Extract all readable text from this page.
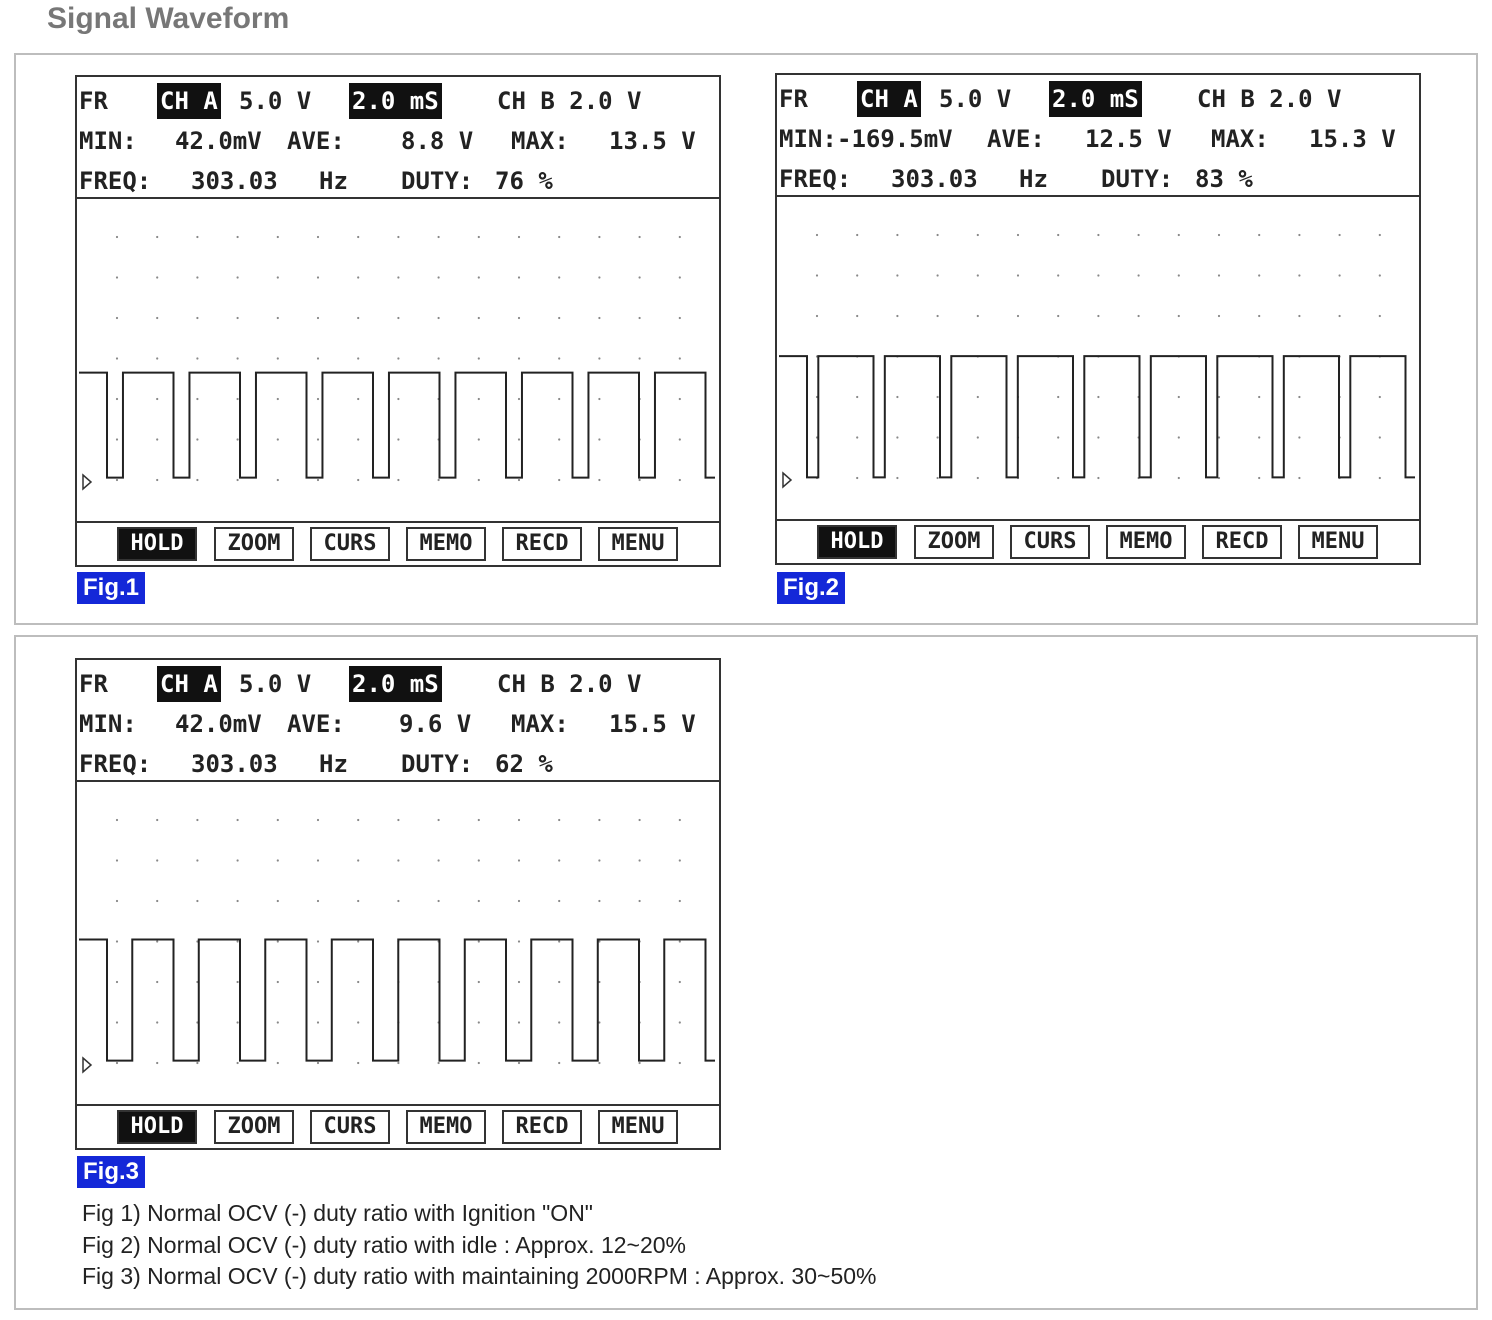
Signal Waveform

FR

CH A

5.0 V

2.0 mS

CH B 2.0 V

MIN:

42.0mV

AVE:

8.8 V

MAX:

13.5 V

FREQ:

303.03

Hz

DUTY:

76 %

HOLD	ZOOM	CURS	MEMO	RECD	MENU
Fig.1

FR

CH A

5.0 V

2.0 mS

CH B 2.0 V

MIN:

-169.5mV

AVE:

12.5 V

MAX:

15.3 V

FREQ:

303.03

Hz

DUTY:

83 %

HOLD	ZOOM	CURS	MEMO	RECD	MENU
Fig.2

FR

CH A

5.0 V

2.0 mS

CH B 2.0 V

MIN:

42.0mV

AVE:

9.6 V

MAX:

15.5 V

FREQ:

303.03

Hz

DUTY:

62 %

HOLD	ZOOM	CURS	MEMO	RECD	MENU
Fig.3
Fig 1) Normal OCV (-) duty ratio with Ignition "ON"
Fig 2) Normal OCV (-) duty ratio with idle : Approx. 12~20%
Fig 3) Normal OCV (-) duty ratio with maintaining 2000RPM : Approx. 30~50%
